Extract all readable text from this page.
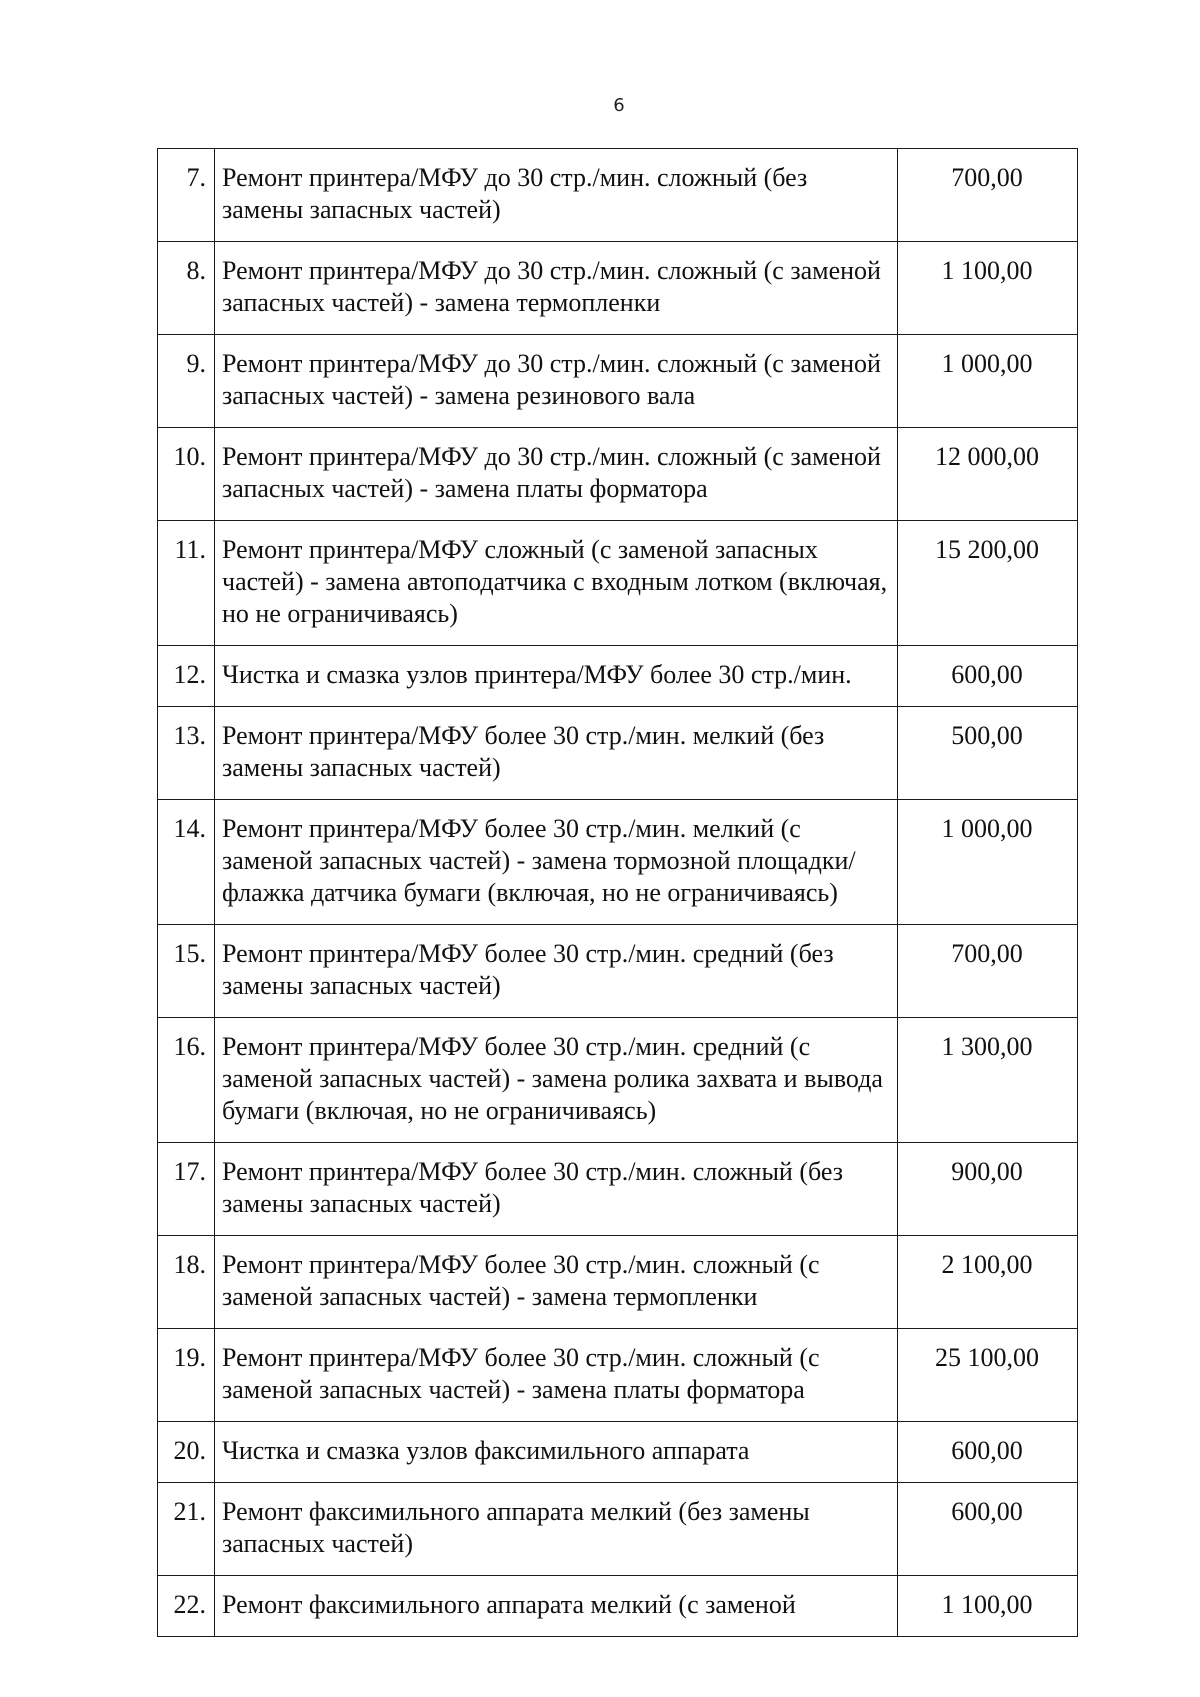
6
7.	Ремонт принтера/МФУ до 30 стр./мин. сложный (без замены запасных частей)	700,00
8.	Ремонт принтера/МФУ до 30 стр./мин. сложный (с заменой запасных частей) - замена термопленки	1 100,00
9.	Ремонт принтера/МФУ до 30 стр./мин. сложный (с заменой запасных частей) - замена резинового вала	1 000,00
10.	Ремонт принтера/МФУ до 30 стр./мин. сложный (с заменой запасных частей) - замена платы форматора	12 000,00
11.	Ремонт принтера/МФУ сложный (с заменой запасных частей) - замена автоподатчика с входным лотком (включая, но не ограничиваясь)	15 200,00
12.	Чистка и смазка узлов принтера/МФУ более 30 стр./мин.	600,00
13.	Ремонт принтера/МФУ более 30 стр./мин. мелкий (без замены запасных частей)	500,00
14.	Ремонт принтера/МФУ более 30 стр./мин. мелкий (с заменой запасных частей) - замена тормозной площадки/флажка датчика бумаги (включая, но не ограничиваясь)	1 000,00
15.	Ремонт принтера/МФУ более 30 стр./мин. средний (без замены запасных частей)	700,00
16.	Ремонт принтера/МФУ более 30 стр./мин. средний (с заменой запасных частей) - замена ролика захвата и вывода бумаги (включая, но не ограничиваясь)	1 300,00
17.	Ремонт принтера/МФУ более 30 стр./мин. сложный (без замены запасных частей)	900,00
18.	Ремонт принтера/МФУ более 30 стр./мин. сложный (с заменой запасных частей) - замена термопленки	2 100,00
19.	Ремонт принтера/МФУ более 30 стр./мин. сложный (с заменой запасных частей) - замена платы форматора	25 100,00
20.	Чистка и смазка узлов факсимильного аппарата	600,00
21.	Ремонт факсимильного аппарата мелкий (без замены запасных частей)	600,00
22.	Ремонт факсимильного аппарата мелкий (с заменой	1 100,00
